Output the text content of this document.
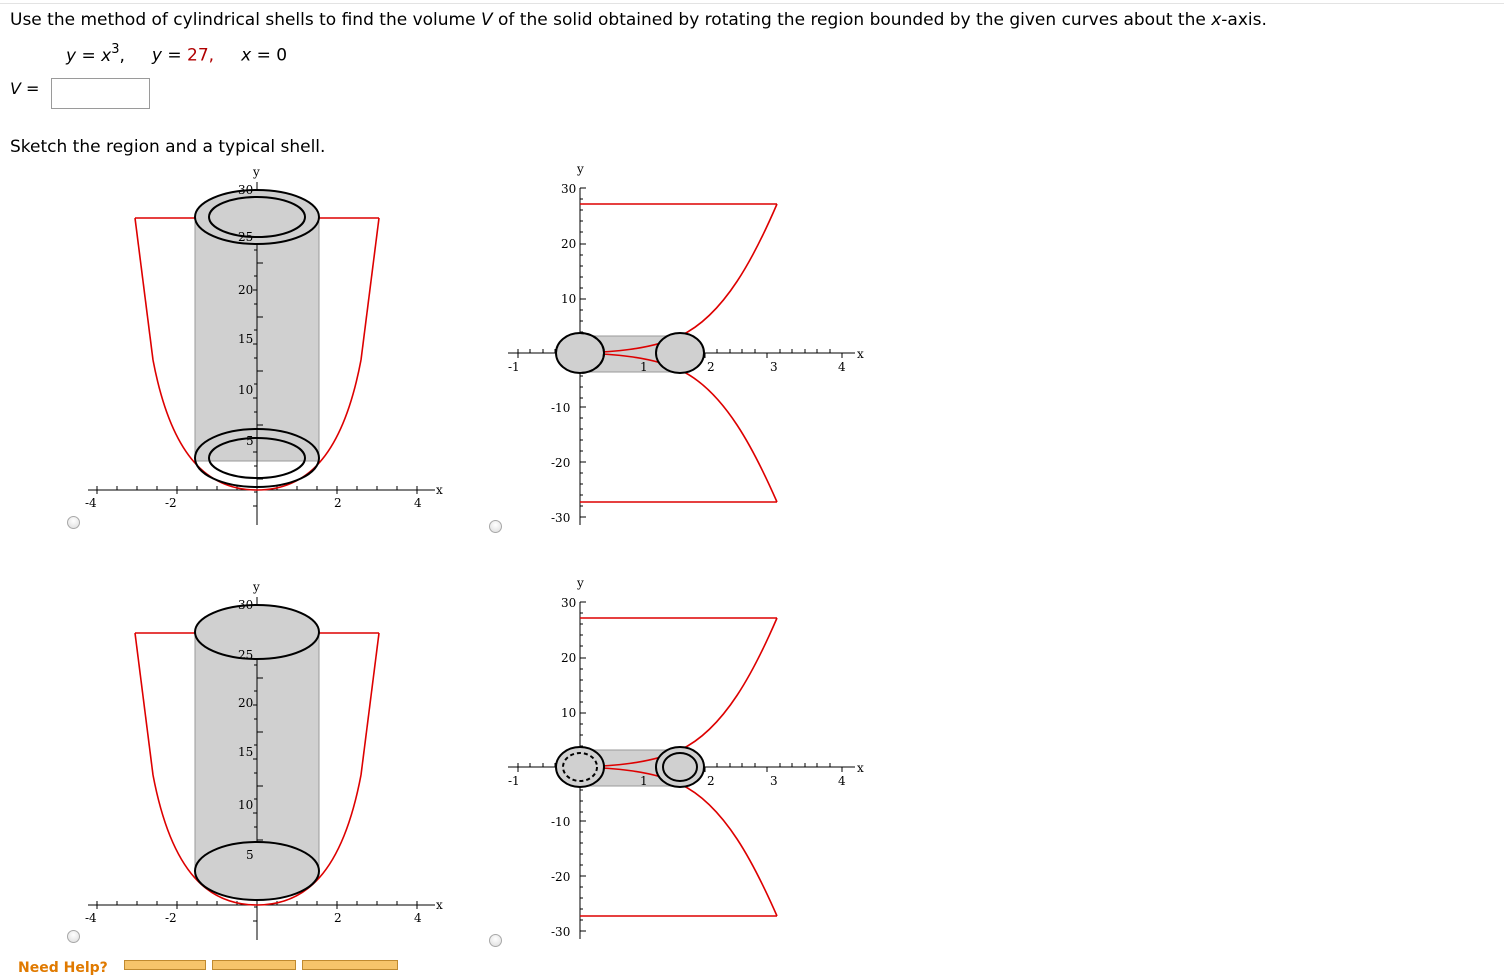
Use the method of cylindrical shells to find the volume V of the solid obtained by rotating the region bounded by the given curves about the x-axis.
$y = x^3$, y = 27, x = 0
V =
Sketch the region and a typical shell.
y
x
30
25
20
15
10
5
-4	-2	2	4
y
x
30
20
10
-10
-20
-30
-1	1	2	3	4
y
x
30
25
20
15
10
5
-4	-2	2	4
y
x
30
20
10
-10
-20
-30
-1	1	2	3	4
Need Help?
